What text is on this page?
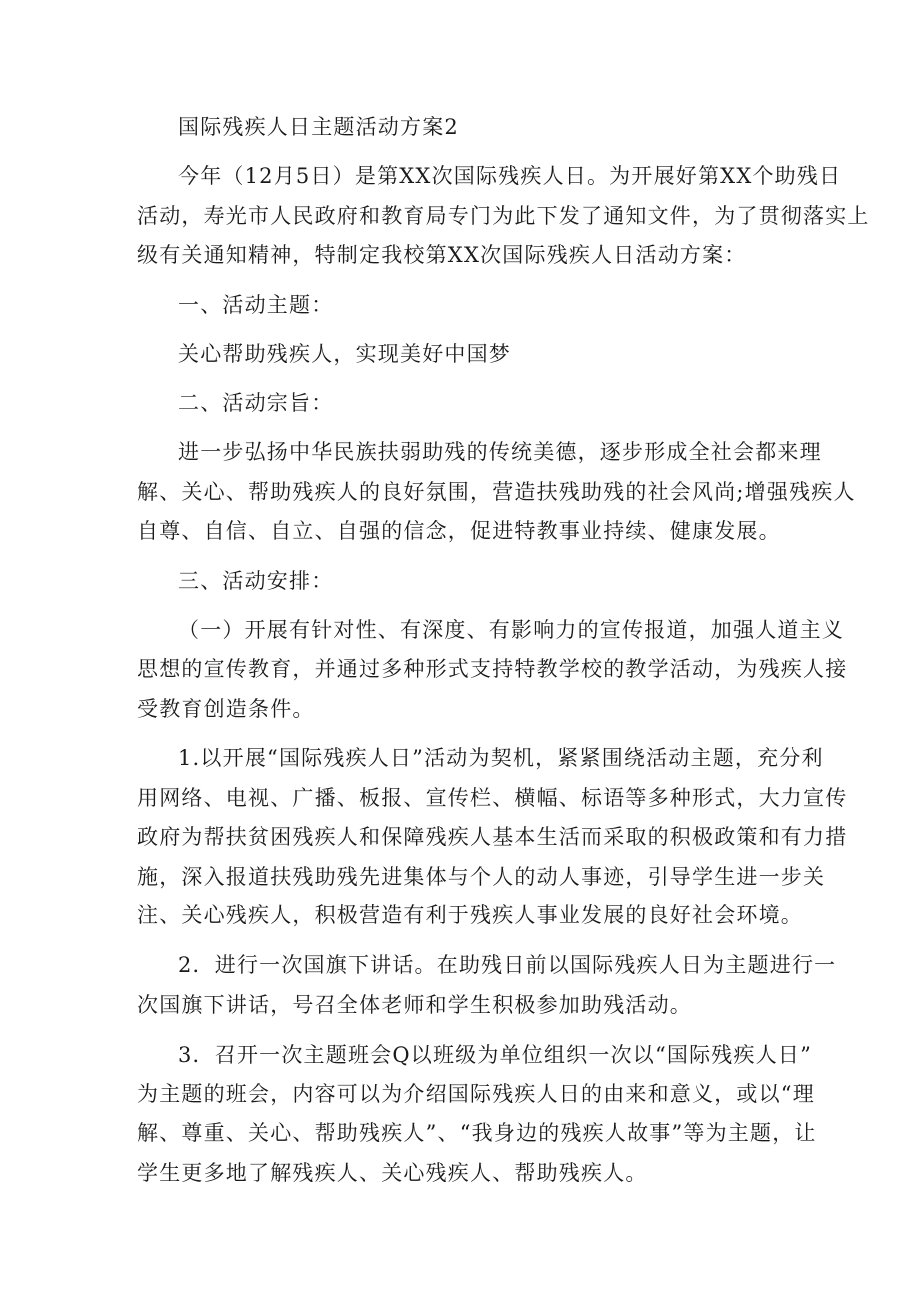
国际残疾人日主题活动方案2

今年（12月5日）是第XX次国际残疾人日。为开展好第XX个助残日

活动，寿光市人民政府和教育局专门为此下发了通知文件，为了贯彻落实上

级有关通知精神，特制定我校第XX次国际残疾人日活动方案：

一、活动主题：

关心帮助残疾人，实现美好中国梦

二、活动宗旨：

进一步弘扬中华民族扶弱助残的传统美德，逐步形成全社会都来理

解、关心、帮助残疾人的良好氛围，营造扶残助残的社会风尚;增强残疾人

自尊、自信、自立、自强的信念，促进特教事业持续、健康发展。

三、活动安排：

（一）开展有针对性、有深度、有影响力的宣传报道，加强人道主义

思想的宣传教育，并通过多种形式支持特教学校的教学活动，为残疾人接

受教育创造条件。

1.以开展“国际残疾人日”活动为契机，紧紧围绕活动主题，充分利

用网络、电视、广播、板报、宣传栏、横幅、标语等多种形式，大力宣传

政府为帮扶贫困残疾人和保障残疾人基本生活而采取的积极政策和有力措

施，深入报道扶残助残先进集体与个人的动人事迹，引导学生进一步关

注、关心残疾人，积极营造有利于残疾人事业发展的良好社会环境。

2．进行一次国旗下讲话。在助残日前以国际残疾人日为主题进行一

次国旗下讲话，号召全体老师和学生积极参加助残活动。

3．召开一次主题班会Q以班级为单位组织一次以“国际残疾人日”

为主题的班会，内容可以为介绍国际残疾人日的由来和意义，或以“理

解、尊重、关心、帮助残疾人”、“我身边的残疾人故事”等为主题，让

学生更多地了解残疾人、关心残疾人、帮助残疾人。
